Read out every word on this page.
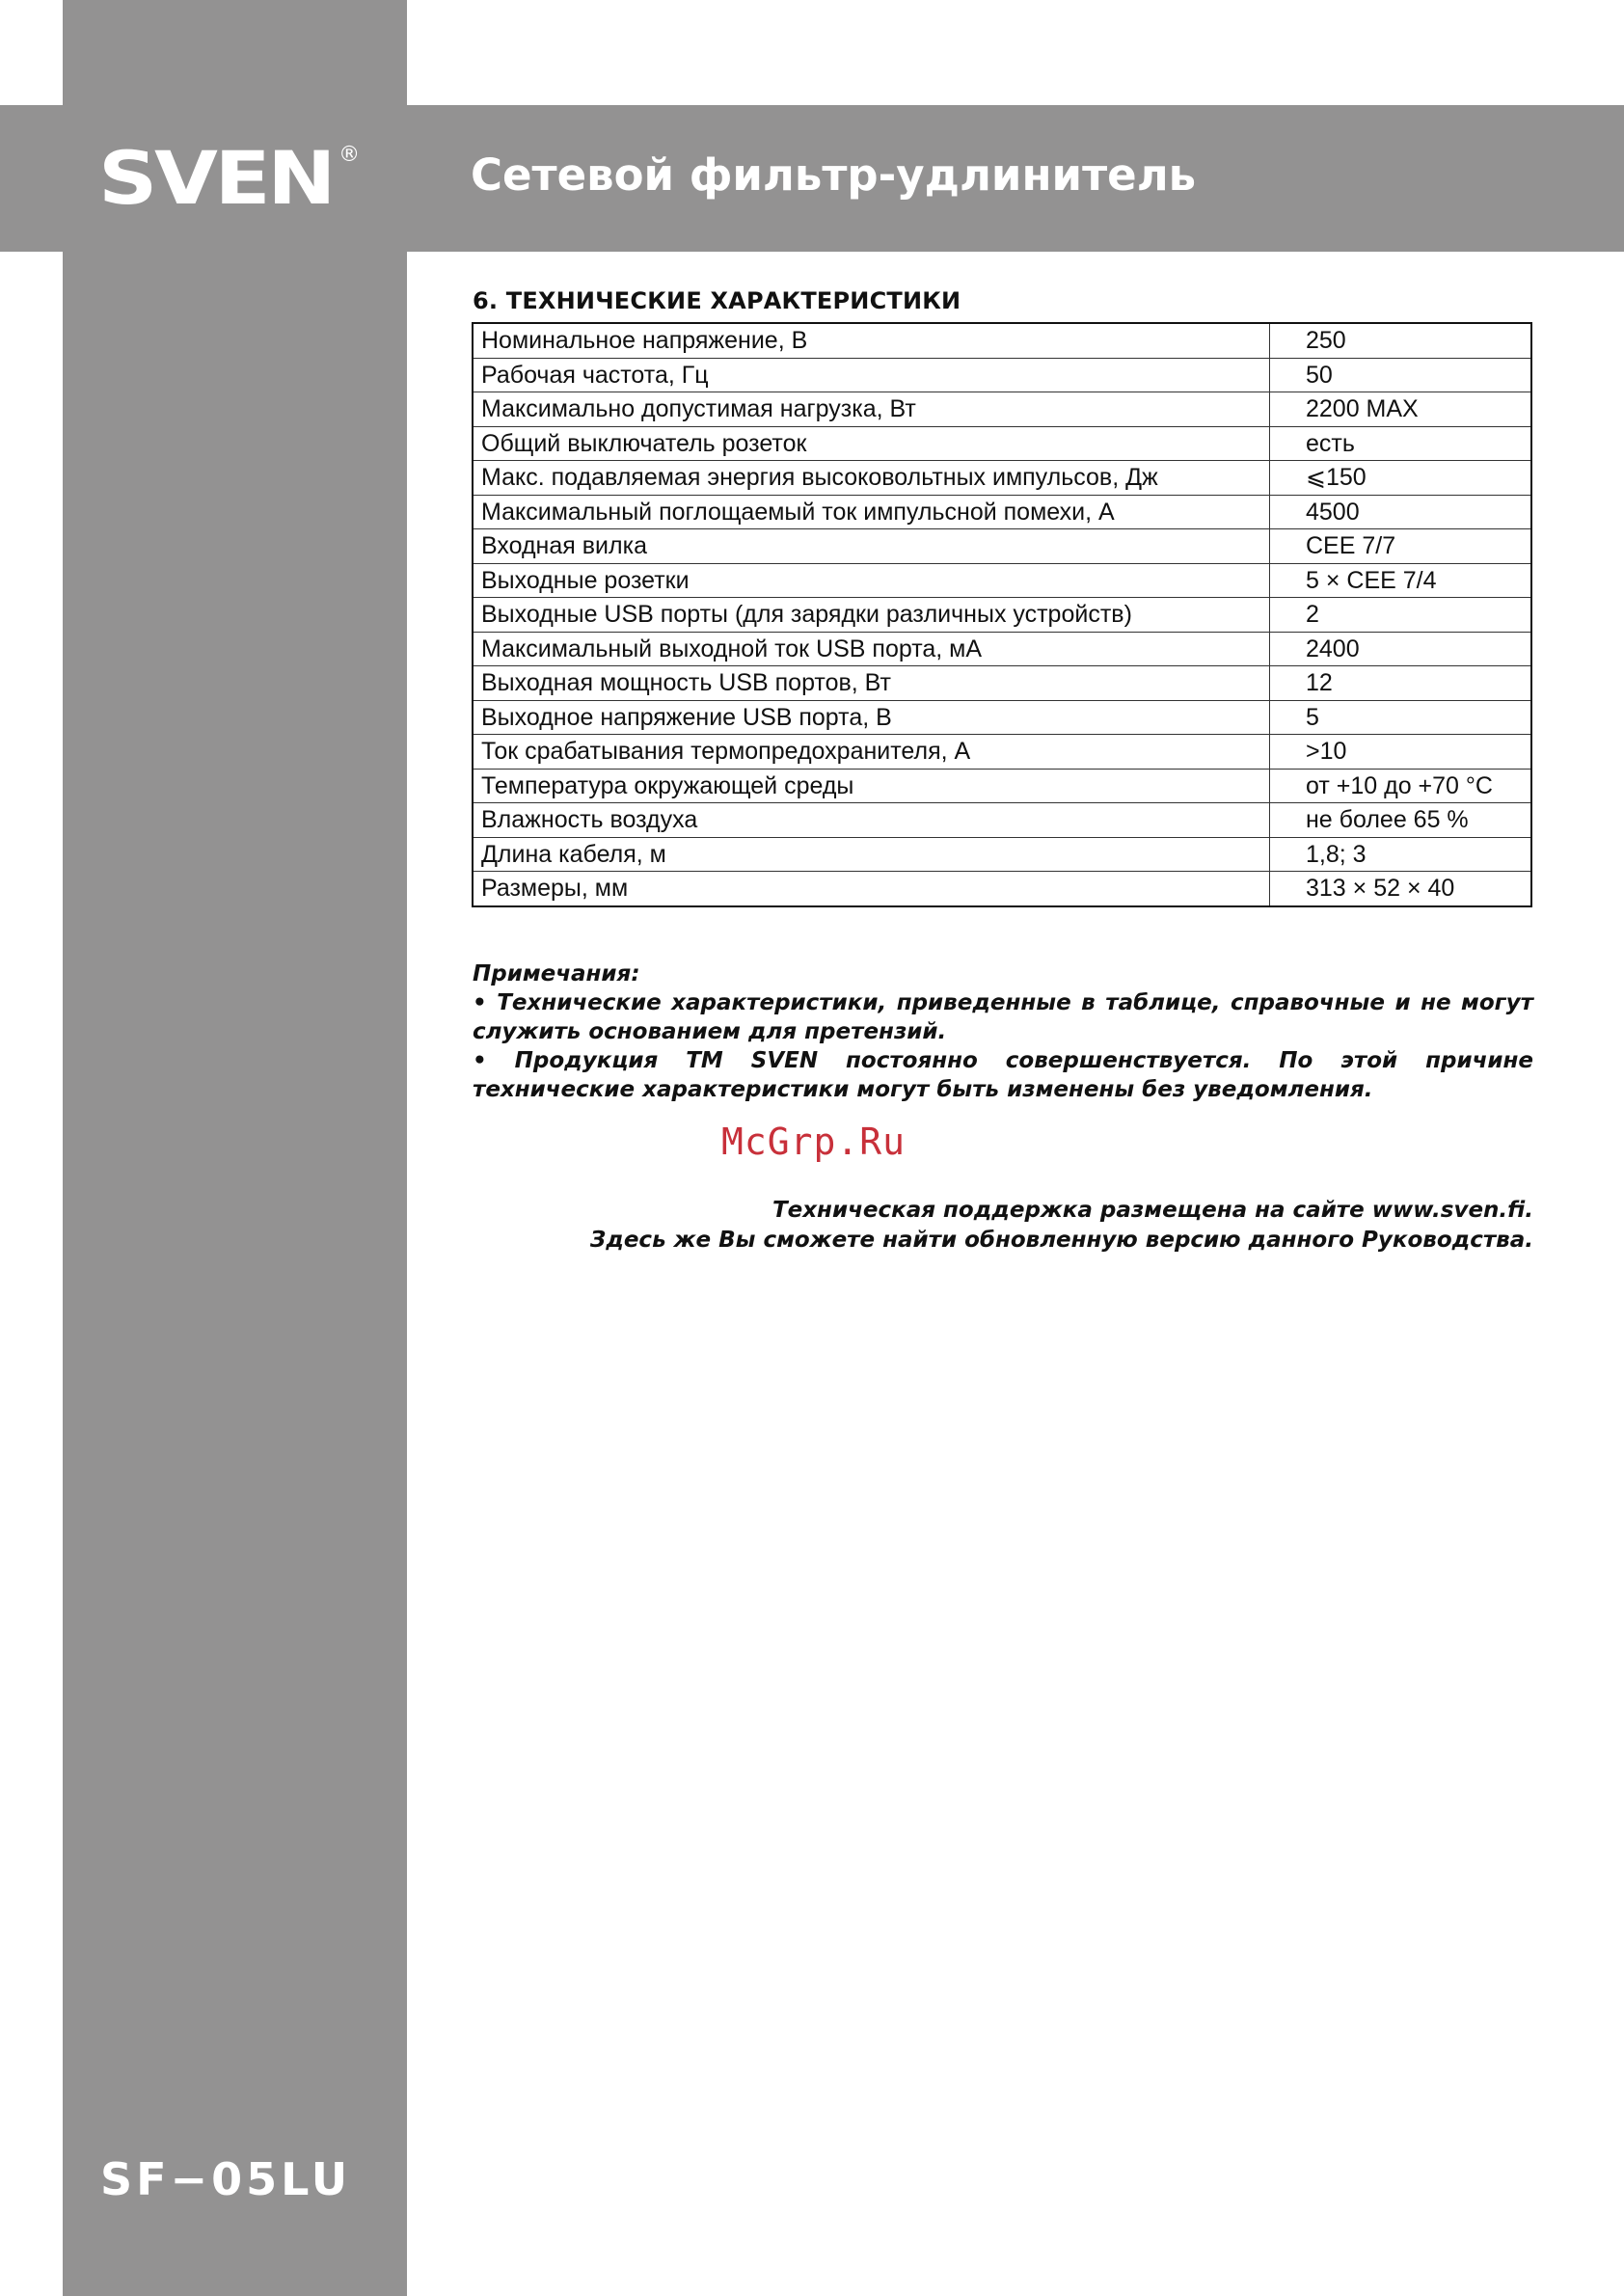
SVEN ®	Сетевой фильтр-удлинитель
6. ТЕХНИЧЕСКИЕ ХАРАКТЕРИСТИКИ
Номинальное напряжение, В	250
Рабочая частота, Гц	50
Максимально допустимая нагрузка, Вт	2200 MAX
Общий выключатель розеток	есть
Макс. подавляемая энергия высоковольтных импульсов, Дж	⩽150
Максимальный поглощаемый ток импульсной помехи, А	4500
Входная вилка	CEE 7/7
Выходные розетки	5 × CEE 7/4
Выходные USB порты (для зарядки различных устройств)	2
Максимальный выходной ток USB порта, мА	2400
Выходная мощность USB портов, Вт	12
Выходное напряжение USB порта, В	5
Ток срабатывания термопредохранителя, А	>10
Температура окружающей среды	от +10 до +70 °С
Влажность воздуха	не более 65 %
Длина кабеля, м	1,8; 3
Размеры, мм	313 × 52 × 40

Примечания:

• Технические характеристики, приведенные в таблице, справочные и не могут служить основанием для претензий.

• Продукция ТМ SVEN постоянно совершенствуется. По этой причине технические характеристики могут быть изменены без уведомления.

McGrp.Ru
Техническая поддержка размещена на сайте www.sven.fi.
Здесь же Вы сможете найти обновленную версию данного Руководства.
SF−05LU
